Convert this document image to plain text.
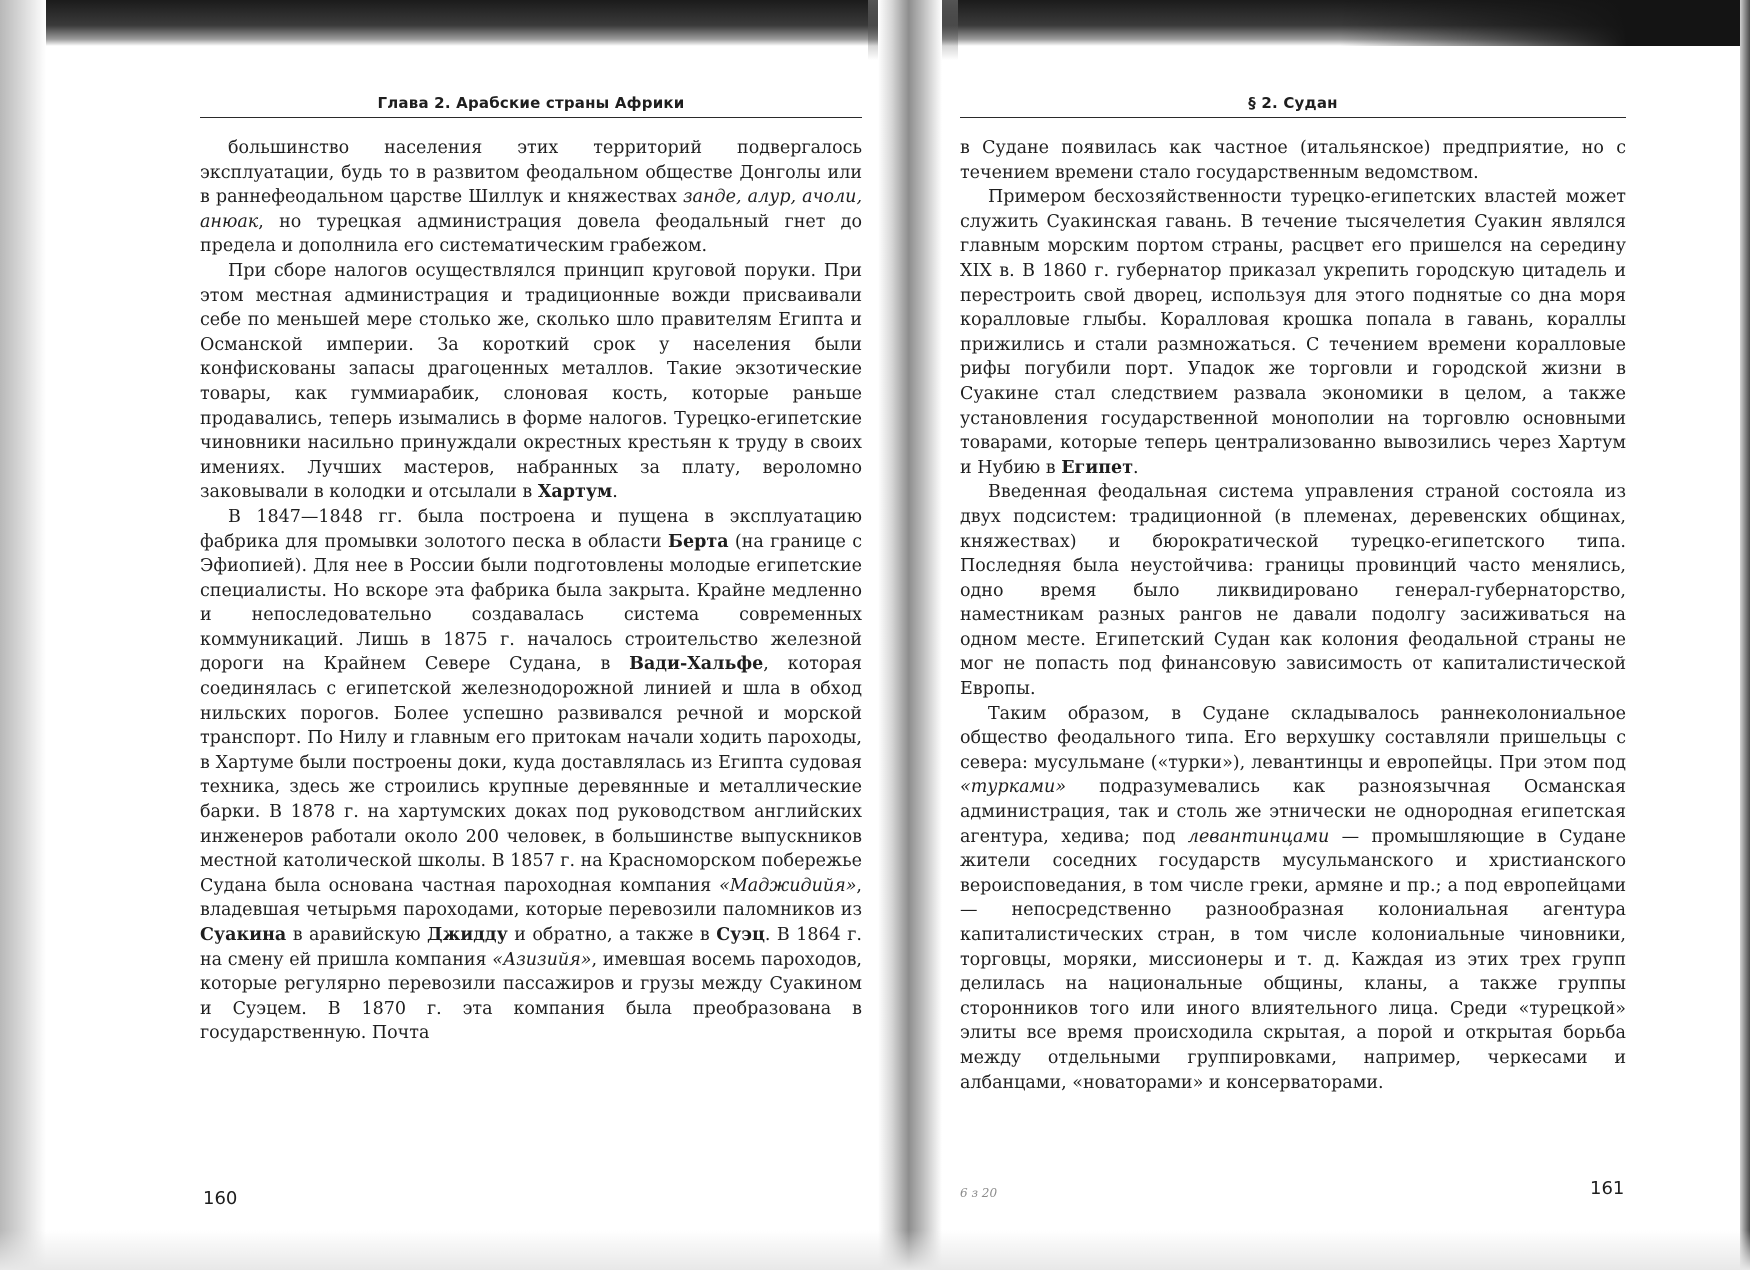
Глава 2. Арабские страны Африки

большинство населения этих территорий подвергалось эксплуатации, будь то в развитом феодальном обществе Донголы или в раннефеодальном царстве Шиллук и княжествах занде, алур, ачоли, анюак, но турецкая администрация довела феодальный гнет до предела и дополнила его систематическим грабежом.

При сборе налогов осуществлялся принцип круговой поруки. При этом местная администрация и традиционные вожди присваивали себе по меньшей мере столько же, сколько шло правителям Египта и Османской империи. За короткий срок у населения были конфискованы запасы драгоценных металлов. Такие экзотические товары, как гуммиарабик, слоновая кость, которые раньше продавались, теперь изымались в форме налогов. Турецко-египетские чиновники насильно принуждали окрестных крестьян к труду в своих имениях. Лучших мастеров, набранных за плату, вероломно заковывали в колодки и отсылали в Хартум.

В 1847—1848 гг. была построена и пущена в эксплуатацию фабрика для промывки золотого песка в области Берта (на границе с Эфиопией). Для нее в России были подготовлены молодые египетские специалисты. Но вскоре эта фабрика была закрыта. Крайне медленно и непоследовательно создавалась система современных коммуникаций. Лишь в 1875 г. началось строительство железной дороги на Крайнем Севере Судана, в Вади-Хальфе, которая соединялась с египетской железнодорожной линией и шла в обход нильских порогов. Более успешно развивался речной и морской транспорт. По Нилу и главным его притокам начали ходить пароходы, в Хартуме были построены доки, куда доставлялась из Египта судовая техника, здесь же строились крупные деревянные и металлические барки. В 1878 г. на хартумских доках под руководством английских инженеров работали около 200 человек, в большинстве выпускников местной католической школы. В 1857 г. на Красноморском побережье Судана была основана частная пароходная компания «Маджидийя», владевшая четырьмя пароходами, которые перевозили паломников из Суакина в аравийскую Джидду и обратно, а также в Суэц. В 1864 г. на смену ей пришла компания «Азизийя», имевшая восемь пароходов, которые регулярно перевозили пассажиров и грузы между Суакином и Суэцем. В 1870 г. эта компания была преобразована в государственную. Почта

160
§ 2. Судан

в Судане появилась как частное (итальянское) предприятие, но с течением времени стало государственным ведомством.

Примером бесхозяйственности турецко-египетских властей может служить Суакинская гавань. В течение тысячелетия Суакин являлся главным морским портом страны, расцвет его пришелся на середину XIX в. В 1860 г. губернатор приказал укрепить городскую цитадель и перестроить свой дворец, используя для этого поднятые со дна моря коралловые глыбы. Коралловая крошка попала в гавань, кораллы прижились и стали размножаться. С течением времени коралловые рифы погубили порт. Упадок же торговли и городской жизни в Суакине стал следствием развала экономики в целом, а также установления государственной монополии на торговлю основными товарами, которые теперь централизованно вывозились через Хартум и Нубию в Египет.

Введенная феодальная система управления страной состояла из двух подсистем: традиционной (в племенах, деревенских общинах, княжествах) и бюрократической турецко-египетского типа. Последняя была неустойчива: границы провинций часто менялись, одно время было ликвидировано генерал-губернаторство, наместникам разных рангов не давали подолгу засиживаться на одном месте. Египетский Судан как колония феодальной страны не мог не попасть под финансовую зависимость от капиталистической Европы.

Таким образом, в Судане складывалось раннеколониальное общество феодального типа. Его верхушку составляли пришельцы с севера: мусульмане («турки»), левантинцы и европейцы. При этом под «турками» подразумевались как разноязычная Османская администрация, так и столь же этнически не однородная египетская агентура, хедива; под левантинцами — промышляющие в Судане жители соседних государств мусульманского и христианского вероисповедания, в том числе греки, армяне и пр.; а под европейцами — непосредственно разнообразная колониальная агентура капиталистических стран, в том числе колониальные чиновники, торговцы, моряки, миссионеры и т. д. Каждая из этих трех групп делилась на национальные общины, кланы, а также группы сторонников того или иного влиятельного лица. Среди «турецкой» элиты все время происходила скрытая, а порой и открытая борьба между отдельными группировками, например, черкесами и албанцами, «новаторами» и консерваторами.

6 з 20	161
